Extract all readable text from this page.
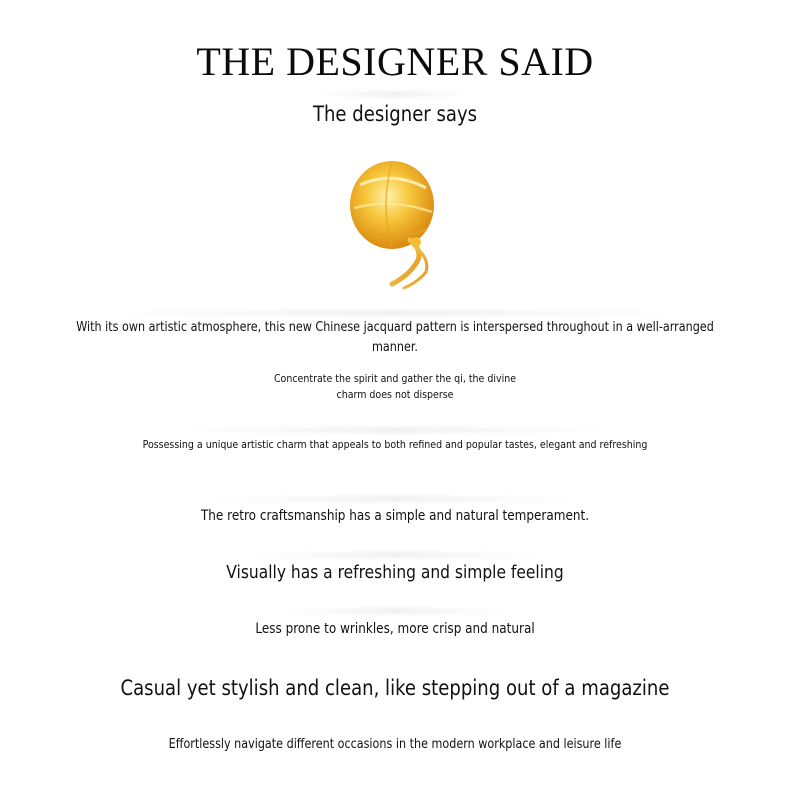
THE DESIGNER SAID
The designer says
With its own artistic atmosphere, this new Chinese jacquard pattern is interspersed throughout in a well-arranged manner.
Concentrate the spirit and gather the qi, the divine
charm does not disperse
Possessing a unique artistic charm that appeals to both refined and popular tastes, elegant and refreshing
The retro craftsmanship has a simple and natural temperament.
Visually has a refreshing and simple feeling
Less prone to wrinkles, more crisp and natural
Casual yet stylish and clean, like stepping out of a magazine
Effortlessly navigate different occasions in the modern workplace and leisure life
